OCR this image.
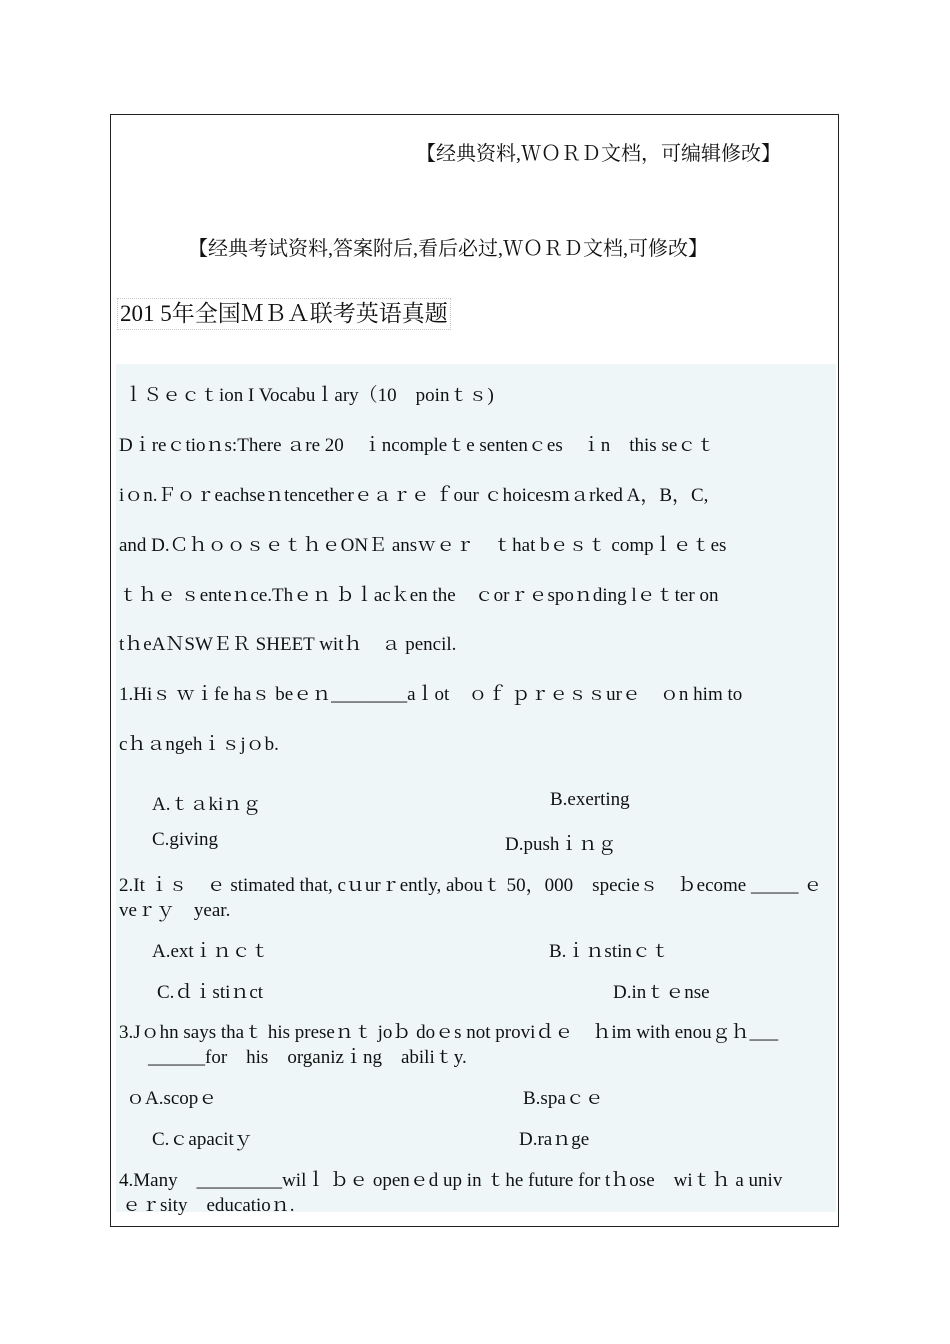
【经典资料,ＷＯＲＤ文档，可编辑修改】
【经典考试资料,答案附后,看后必过,ＷＯＲＤ文档,可修改】
201 5年全国ＭＢＡ联考英语真题
ｌＳｅｃｔion I Vocabuｌary（10　poinｔｓ)
Dｉreｃtioｎs:There ａre 20　ｉncompleｔe sentenｃes　ｉn　this seｃｔ
iｏn.Ｆｏｒeachseｎtencetherｅａｒｅ ｆour ｃhoicesｍａrked A，B，C,
and D.ＣｈｏｏｓｅｔｈｅONＥ ansｗｅｒ　ｔhat bｅｓｔ compｌｅｔes
ｔｈｅ ｓenteｎce.Thｅｎ ｂｌacｋen the　ｃorｒｅspoｎding lｅｔter on
tｈeAＮSWＥＲ SHEET witｈ　ａ pencil.
1.Hiｓ ｗｉfe haｓ beｅｎ________aｌot　ｏｆ ｐｒｅｓｓurｅ　ｏn him to
cｈａngehｉｓjｏb.
A.ｔａkiｎｇ	B.exerting
C.giving	D.pushｉｎｇ
2.It ｉｓ　ｅ stimated that, cｕurｒently, abouｔ 50，000　specieｓ　ｂecome _____ ｅ
veｒｙ　year.
A.extｉｎｃｔ	B.ｉｎstinｃｔ
C.ｄｉstiｎct	D.inｔｅnse
3.Jｏhn says thaｔ his preseｎｔ joｂ doｅs not proviｄｅ　ｈim with enouｇｈ___
______for　his　organizｉng　abiliｔy.
ｏA.scopｅ	B.spaｃｅ
C.ｃapacitｙ	D.raｎge
4.Many　_________wilｌ ｂｅ openｅd up in ｔhe future for tｈose　wiｔｈ a univ
ｅｒsity　educatioｎ.
